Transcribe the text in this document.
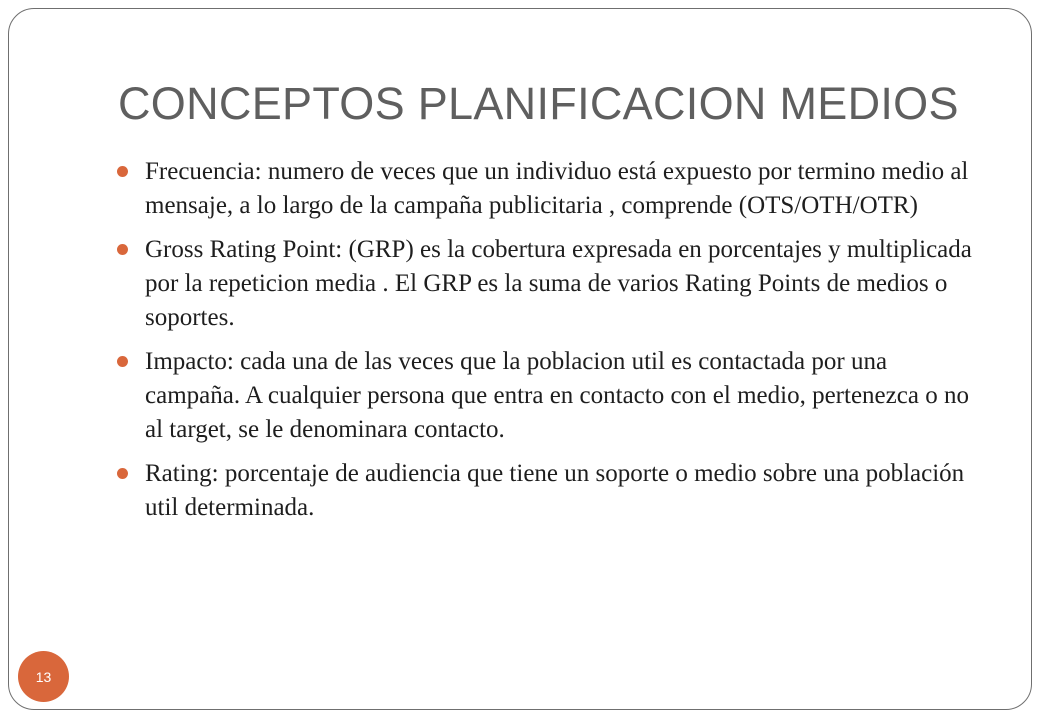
CONCEPTOS PLANIFICACION MEDIOS
Frecuencia: numero de veces que un individuo está expuesto por termino medio al mensaje, a lo largo de la campaña publicitaria , comprende (OTS/OTH/OTR)
Gross Rating Point: (GRP) es la cobertura expresada en porcentajes y multiplicada por la repeticion media . El GRP es la suma de varios Rating Points de medios o soportes.
Impacto: cada una de las veces que la poblacion util es contactada por una campaña. A cualquier persona que entra en contacto con el medio, pertenezca o no al target, se le denominara contacto.
Rating: porcentaje de audiencia que tiene un soporte o medio sobre una población util determinada.
13
